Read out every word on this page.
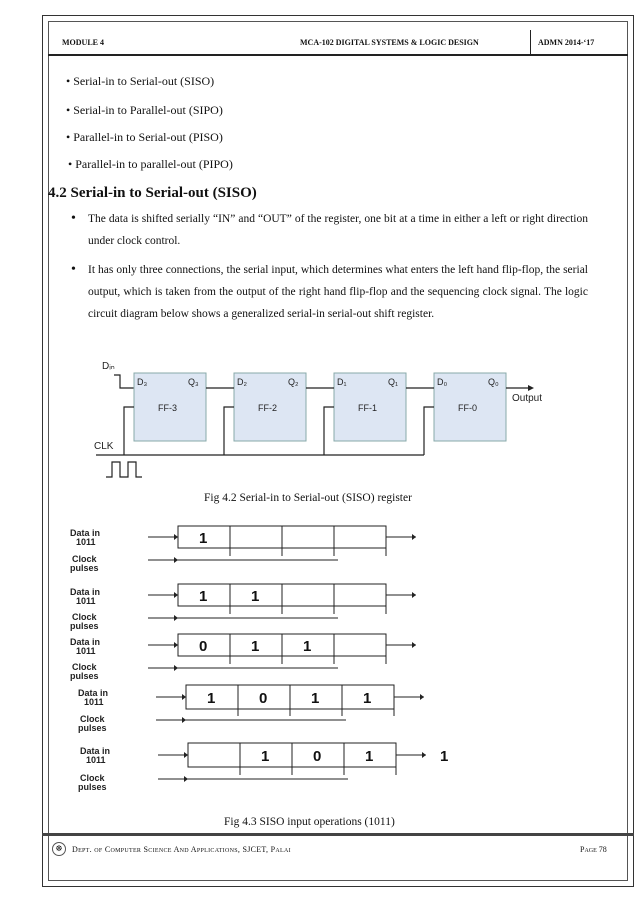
MODULE 4	MCA-102 DIGITAL SYSTEMS & LOGIC DESIGN	ADMN 2014-‘17
• Serial-in to Serial-out (SISO)
• Serial-in to Parallel-out (SIPO)
• Parallel-in to Serial-out (PISO)
• Parallel-in to parallel-out (PIPO)
4.2 Serial-in to Serial-out (SISO)
• The data is shifted serially “IN” and “OUT” of the register, one bit at a time in either a left or right direction under clock control.
• It has only three connections, the serial input, which determines what enters the left hand flip-flop, the serial output, which is taken from the output of the right hand flip-flop and the sequencing clock signal. The logic circuit diagram below shows a generalized serial-in serial-out shift register.
Dᵢₙ
D₃	Q₃
FF-3
D₂	Q₂
FF-2
D₁	Q₁
FF-1
D₀	Q₀
FF-0
Output
CLK
Fig 4.2 Serial-in to Serial-out (SISO) register
Data in
1011
Clock
pulses
Data in
1011
Clock
pulses
Data in
1011
Clock
pulses
Data in
1011
Clock
pulses
Data in
1011
Clock
pulses
1
1	1
0	1	1
1	0	1	1
1	0	1	1
Fig 4.3 SISO input operations (1011)
☸	Dept. of Computer Science And Applications, SJCET, Palai	Page 78
